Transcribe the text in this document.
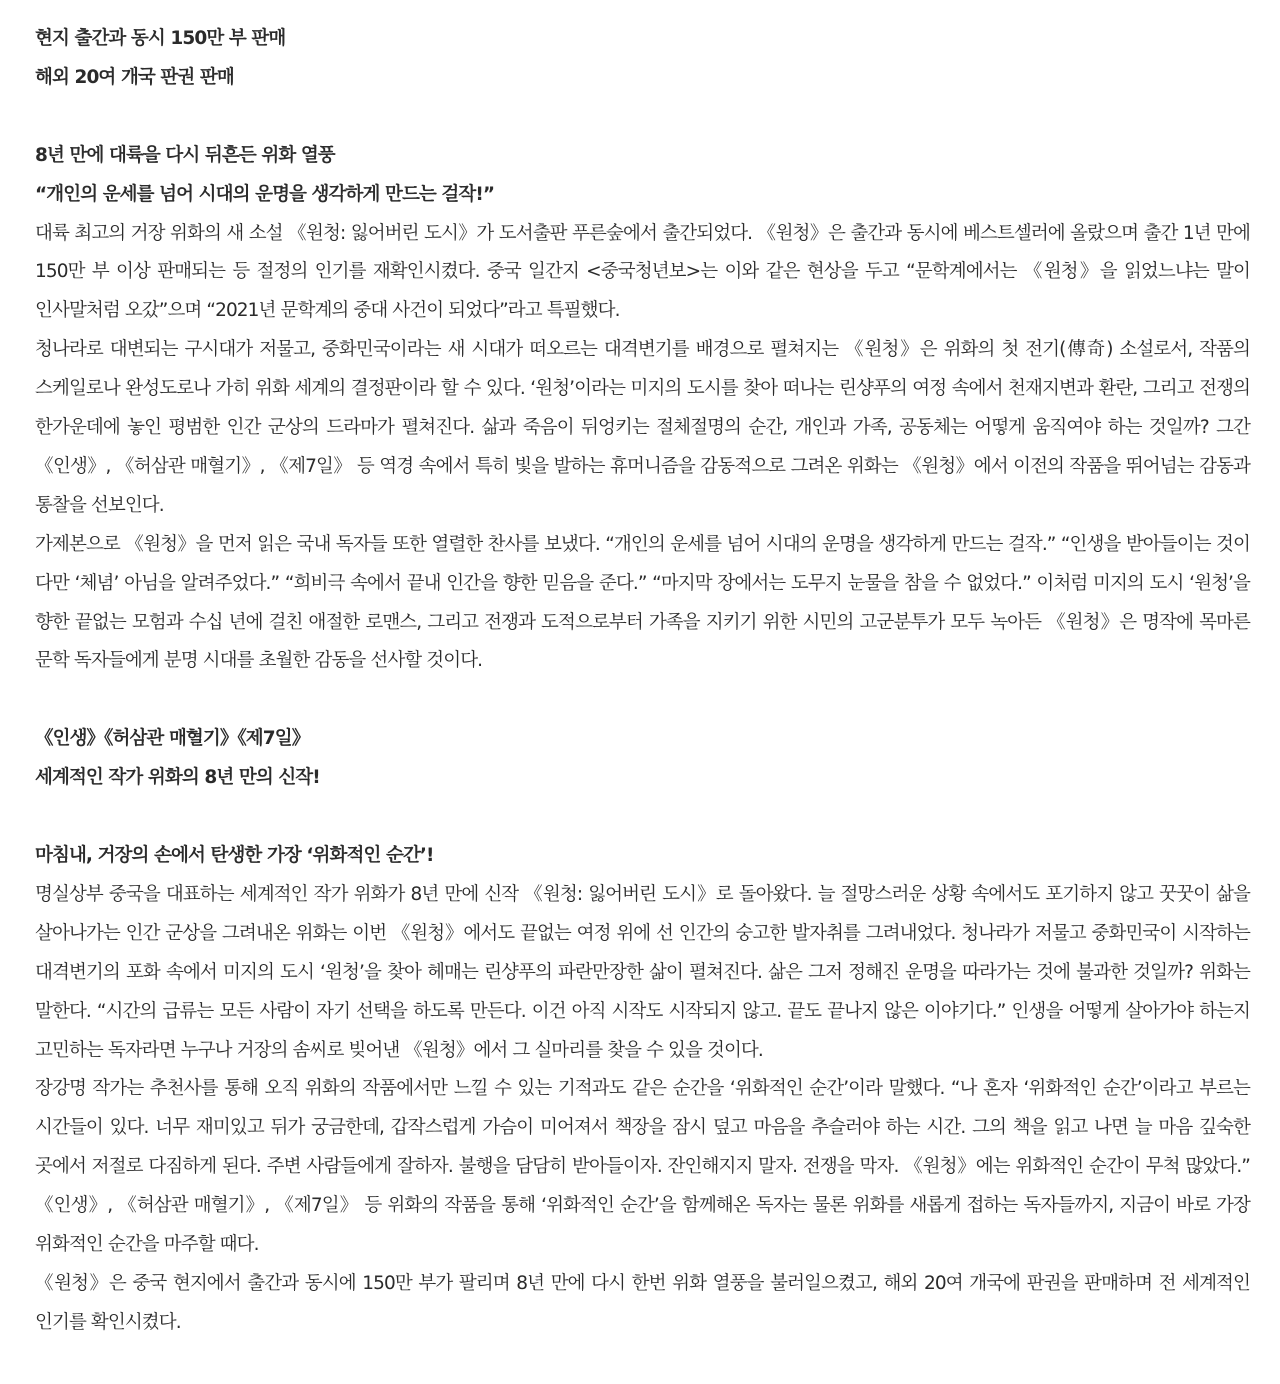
현지 출간과 동시 150만 부 판매
해외 20여 개국 판권 판매
8년 만에 대륙을 다시 뒤흔든 위화 열풍
“개인의 운세를 넘어 시대의 운명을 생각하게 만드는 걸작!”

대륙 최고의 거장 위화의 새 소설 《원청: 잃어버린 도시》가 도서출판 푸른숲에서 출간되었다. 《원청》은 출간과 동시에 베스트셀러에 올랐으며 출간 1년 만에 150만 부 이상 판매되는 등 절정의 인기를 재확인시켰다. 중국 일간지 <중국청년보>는 이와 같은 현상을 두고 “문학계에서는 《원청》을 읽었느냐는 말이 인사말처럼 오갔”으며 “2021년 문학계의 중대 사건이 되었다”라고 특필했다.

청나라로 대변되는 구시대가 저물고, 중화민국이라는 새 시대가 떠오르는 대격변기를 배경으로 펼쳐지는 《원청》은 위화의 첫 전기(傳奇) 소설로서, 작품의 스케일로나 완성도로나 가히 위화 세계의 결정판이라 할 수 있다. ‘원청’이라는 미지의 도시를 찾아 떠나는 린샹푸의 여정 속에서 천재지변과 환란, 그리고 전쟁의 한가운데에 놓인 평범한 인간 군상의 드라마가 펼쳐진다. 삶과 죽음이 뒤엉키는 절체절명의 순간, 개인과 가족, 공동체는 어떻게 움직여야 하는 것일까? 그간 《인생》, 《허삼관 매혈기》, 《제7일》 등 역경 속에서 특히 빛을 발하는 휴머니즘을 감동적으로 그려온 위화는 《원청》에서 이전의 작품을 뛰어넘는 감동과 통찰을 선보인다.

가제본으로 《원청》을 먼저 읽은 국내 독자들 또한 열렬한 찬사를 보냈다. “개인의 운세를 넘어 시대의 운명을 생각하게 만드는 걸작.” “인생을 받아들이는 것이 다만 ‘체념’ 아님을 알려주었다.” “희비극 속에서 끝내 인간을 향한 믿음을 준다.” “마지막 장에서는 도무지 눈물을 참을 수 없었다.” 이처럼 미지의 도시 ‘원청’을 향한 끝없는 모험과 수십 년에 걸친 애절한 로맨스, 그리고 전쟁과 도적으로부터 가족을 지키기 위한 시민의 고군분투가 모두 녹아든 《원청》은 명작에 목마른 문학 독자들에게 분명 시대를 초월한 감동을 선사할 것이다.

《인생》《허삼관 매혈기》《제7일》
세계적인 작가 위화의 8년 만의 신작!
마침내, 거장의 손에서 탄생한 가장 ‘위화적인 순간’!

명실상부 중국을 대표하는 세계적인 작가 위화가 8년 만에 신작 《원청: 잃어버린 도시》로 돌아왔다. 늘 절망스러운 상황 속에서도 포기하지 않고 꿋꿋이 삶을 살아나가는 인간 군상을 그려내온 위화는 이번 《원청》에서도 끝없는 여정 위에 선 인간의 숭고한 발자취를 그려내었다. 청나라가 저물고 중화민국이 시작하는 대격변기의 포화 속에서 미지의 도시 ‘원청’을 찾아 헤매는 린샹푸의 파란만장한 삶이 펼쳐진다. 삶은 그저 정해진 운명을 따라가는 것에 불과한 것일까? 위화는 말한다. “시간의 급류는 모든 사람이 자기 선택을 하도록 만든다. 이건 아직 시작도 시작되지 않고. 끝도 끝나지 않은 이야기다.” 인생을 어떻게 살아가야 하는지 고민하는 독자라면 누구나 거장의 솜씨로 빚어낸 《원청》에서 그 실마리를 찾을 수 있을 것이다.

장강명 작가는 추천사를 통해 오직 위화의 작품에서만 느낄 수 있는 기적과도 같은 순간을 ‘위화적인 순간’이라 말했다. “나 혼자 ‘위화적인 순간’이라고 부르는 시간들이 있다. 너무 재미있고 뒤가 궁금한데, 갑작스럽게 가슴이 미어져서 책장을 잠시 덮고 마음을 추슬러야 하는 시간. 그의 책을 읽고 나면 늘 마음 깊숙한 곳에서 저절로 다짐하게 된다. 주변 사람들에게 잘하자. 불행을 담담히 받아들이자. 잔인해지지 말자. 전쟁을 막자. 《원청》에는 위화적인 순간이 무척 많았다.” 《인생》, 《허삼관 매혈기》, 《제7일》 등 위화의 작품을 통해 ‘위화적인 순간’을 함께해온 독자는 물론 위화를 새롭게 접하는 독자들까지, 지금이 바로 가장 위화적인 순간을 마주할 때다.

《원청》은 중국 현지에서 출간과 동시에 150만 부가 팔리며 8년 만에 다시 한번 위화 열풍을 불러일으켰고, 해외 20여 개국에 판권을 판매하며 전 세계적인 인기를 확인시켰다.
